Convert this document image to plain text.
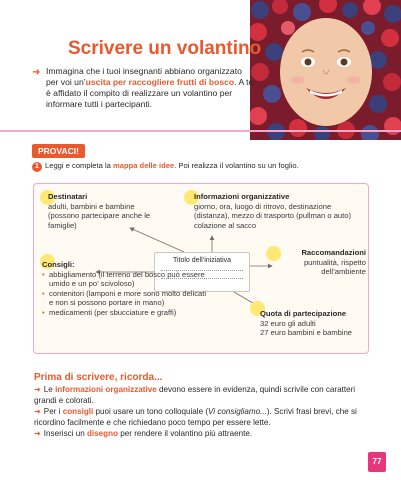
Scrivere un volantino
➜ Immagina che i tuoi insegnanti abbiano organizzato per voi un’uscita per raccogliere frutti di bosco. A te è affidato il compito di realizzare un volantino per informare tutti i partecipanti.
PROVACI!
1 Leggi e completa la mappa delle idee. Poi realizza il volantino su un foglio.
Destinatari
adulti, bambini e bambine (possono partecipare anche le famiglie)
Informazioni organizzative
giorno, ora, luogo di ritrovo, destinazione (distanza), mezzo di trasporto (pullman o auto) colazione al sacco
Titolo dell’iniziativa
Raccomandazioni
puntualità, rispetto dell’ambiente
Consigli:
• abbigliamento (il terreno del bosco può essere umido e un po’ scivoloso)
• contenitori (lamponi e more sono molto delicati e non si possono portare in mano)
• medicamenti (per sbucciature e graffi)	Quota di partecipazione
32 euro gli adulti
27 euro bambini e bambine
Prima di scrivere, ricorda...
➜ Le informazioni organizzative devono essere in evidenza, quindi scrivile con caratteri grandi e colorati.
➜ Per i consigli puoi usare un tono colloquiale (Vi consigliamo...). Scrivi frasi brevi, che si ricordino facilmente e che richiedano poco tempo per essere lette.
➜ Inserisci un disegno per rendere il volantino più attraente.
77
